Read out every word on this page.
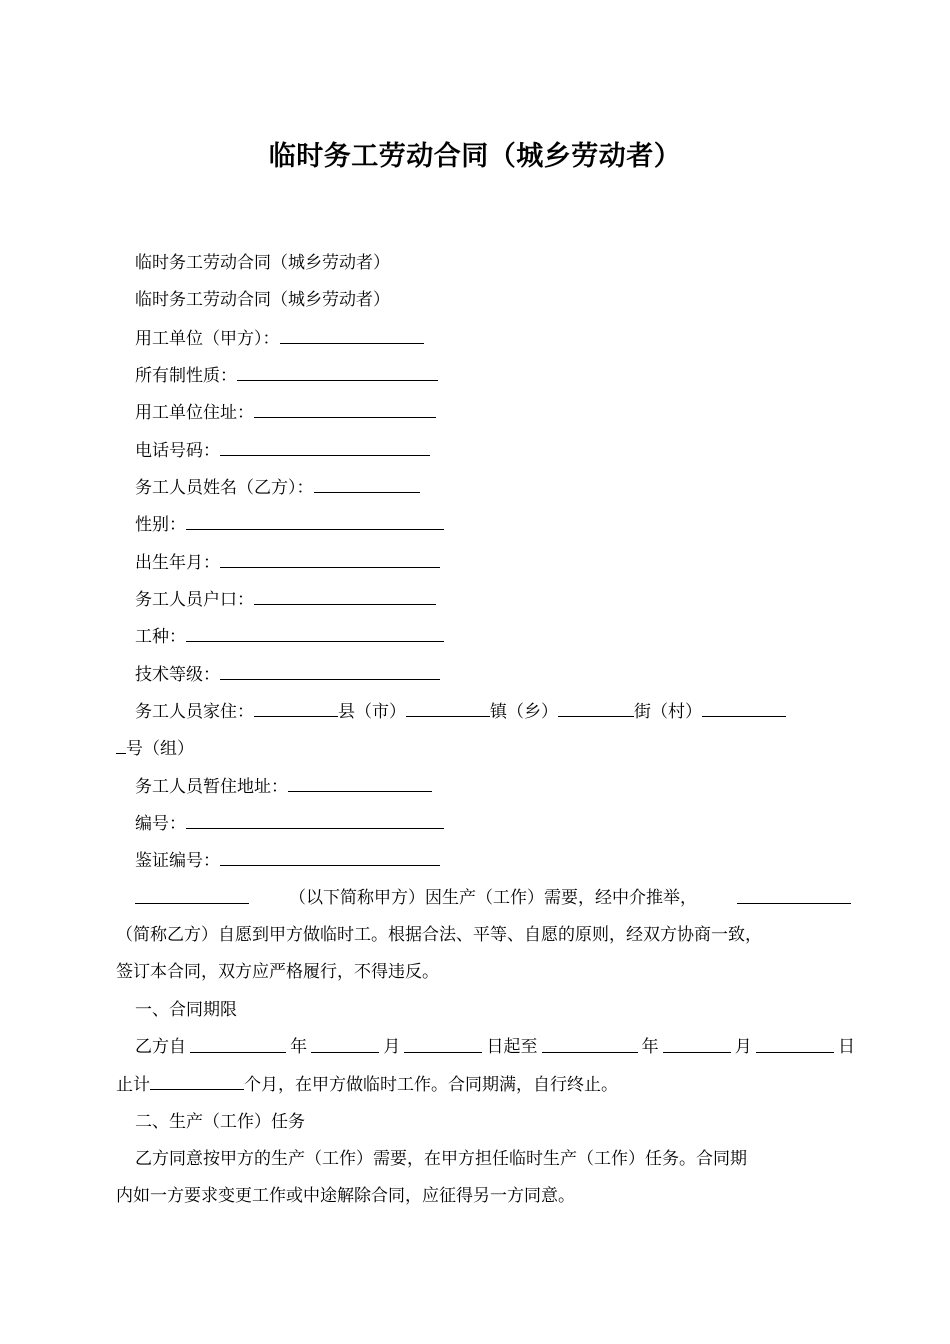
临时务工劳动合同（城乡劳动者）
临时务工劳动合同（城乡劳动者）
临时务工劳动合同（城乡劳动者）
用工单位（甲方）：
所有制性质：
用工单位住址：
电话号码：
务工人员姓名（乙方）：
性别：
出生年月：
务工人员户口：
工种：
技术等级：
务工人员家住：	县（市）	镇（乡）	街（村）
号（组）
务工人员暂住地址：
编号：
鉴证编号：
（以下简称甲方）因生产（工作）需要，经中介推举，
（简称乙方）自愿到甲方做临时工。根据合法、平等、自愿的原则，经双方协商一致，
签订本合同，双方应严格履行，不得违反。
一、合同期限
乙方自	年	月	日起至	年	月	日
止计	个月，在甲方做临时工作。合同期满，自行终止。
二、生产（工作）任务
乙方同意按甲方的生产（工作）需要，在甲方担任临时生产（工作）任务。合同期
内如一方要求变更工作或中途解除合同，应征得另一方同意。
